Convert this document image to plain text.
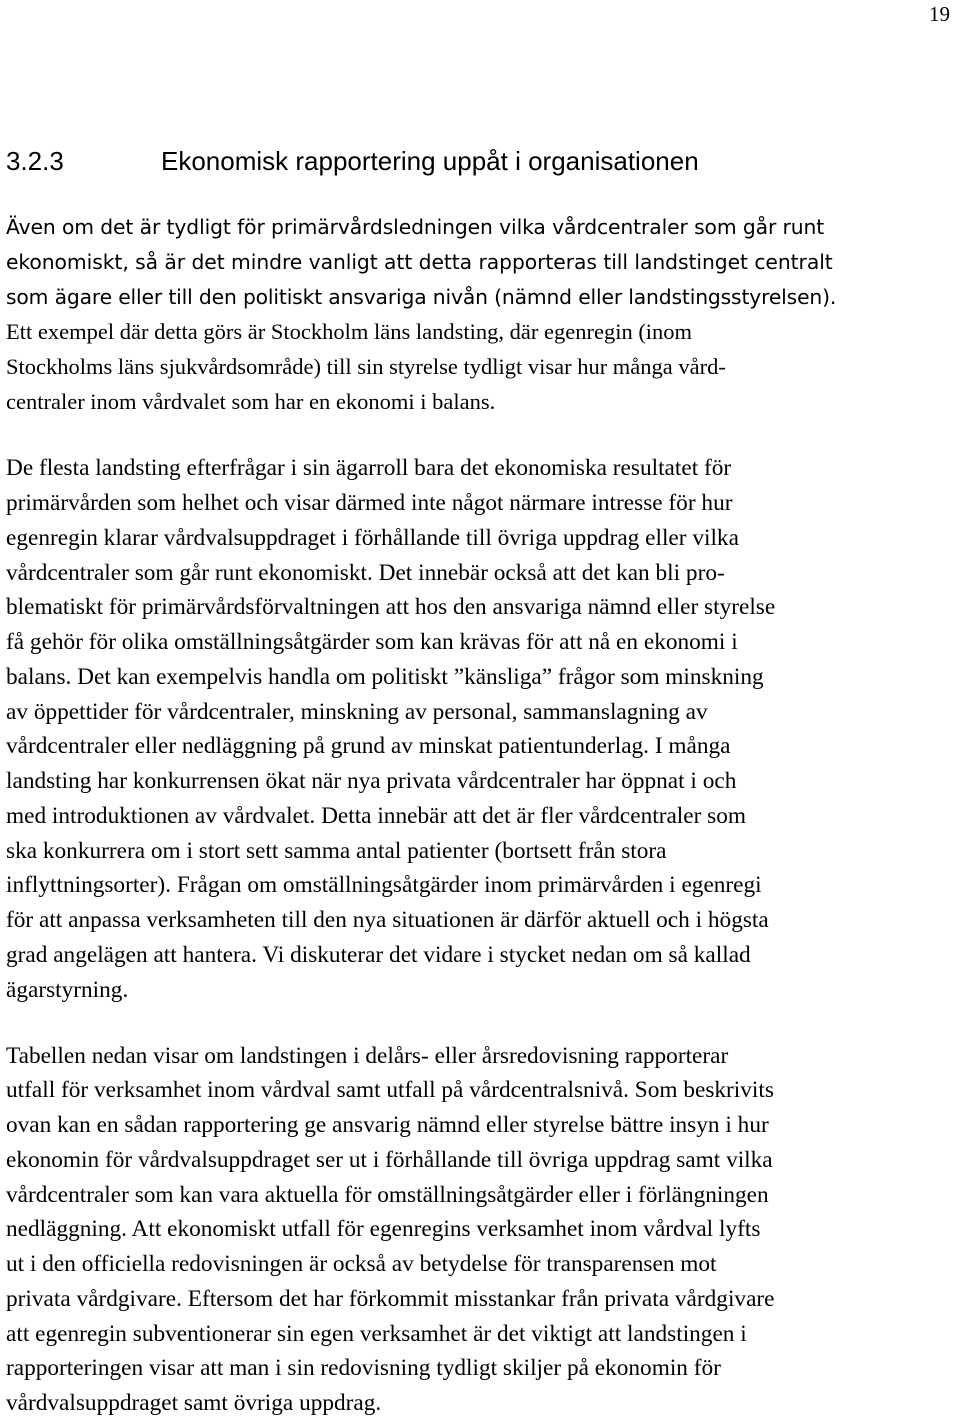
19
3.2.3	Ekonomisk rapportering uppåt i organisationen
Även om det är tydligt för primärvårdsledningen vilka vårdcentraler som går runt
ekonomiskt, så är det mindre vanligt att detta rapporteras till landstinget centralt
som ägare eller till den politiskt ansvariga nivån (nämnd eller landstingsstyrelsen).
Ett exempel där detta görs är Stockholm läns landsting, där egenregin (inom
Stockholms läns sjukvårdsområde) till sin styrelse tydligt visar hur många vård-
centraler inom vårdvalet som har en ekonomi i balans.
De flesta landsting efterfrågar i sin ägarroll bara det ekonomiska resultatet för
primärvården som helhet och visar därmed inte något närmare intresse för hur
egenregin klarar vårdvalsuppdraget i förhållande till övriga uppdrag eller vilka
vårdcentraler som går runt ekonomiskt. Det innebär också att det kan bli pro-
blematiskt för primärvårdsförvaltningen att hos den ansvariga nämnd eller styrelse
få gehör för olika omställningsåtgärder som kan krävas för att nå en ekonomi i
balans. Det kan exempelvis handla om politiskt ”känsliga” frågor som minskning
av öppettider för vårdcentraler, minskning av personal, sammanslagning av
vårdcentraler eller nedläggning på grund av minskat patientunderlag. I många
landsting har konkurrensen ökat när nya privata vårdcentraler har öppnat i och
med introduktionen av vårdvalet. Detta innebär att det är fler vårdcentraler som
ska konkurrera om i stort sett samma antal patienter (bortsett från stora
inflyttningsorter). Frågan om omställningsåtgärder inom primärvården i egenregi
för att anpassa verksamheten till den nya situationen är därför aktuell och i högsta
grad angelägen att hantera. Vi diskuterar det vidare i stycket nedan om så kallad
ägarstyrning.
Tabellen nedan visar om landstingen i delårs- eller årsredovisning rapporterar
utfall för verksamhet inom vårdval samt utfall på vårdcentralsnivå. Som beskrivits
ovan kan en sådan rapportering ge ansvarig nämnd eller styrelse bättre insyn i hur
ekonomin för vårdvalsuppdraget ser ut i förhållande till övriga uppdrag samt vilka
vårdcentraler som kan vara aktuella för omställningsåtgärder eller i förlängningen
nedläggning. Att ekonomiskt utfall för egenregins verksamhet inom vårdval lyfts
ut i den officiella redovisningen är också av betydelse för transparensen mot
privata vårdgivare. Eftersom det har förkommit misstankar från privata vårdgivare
att egenregin subventionerar sin egen verksamhet är det viktigt att landstingen i
rapporteringen visar att man i sin redovisning tydligt skiljer på ekonomin för
vårdvalsuppdraget samt övriga uppdrag.
